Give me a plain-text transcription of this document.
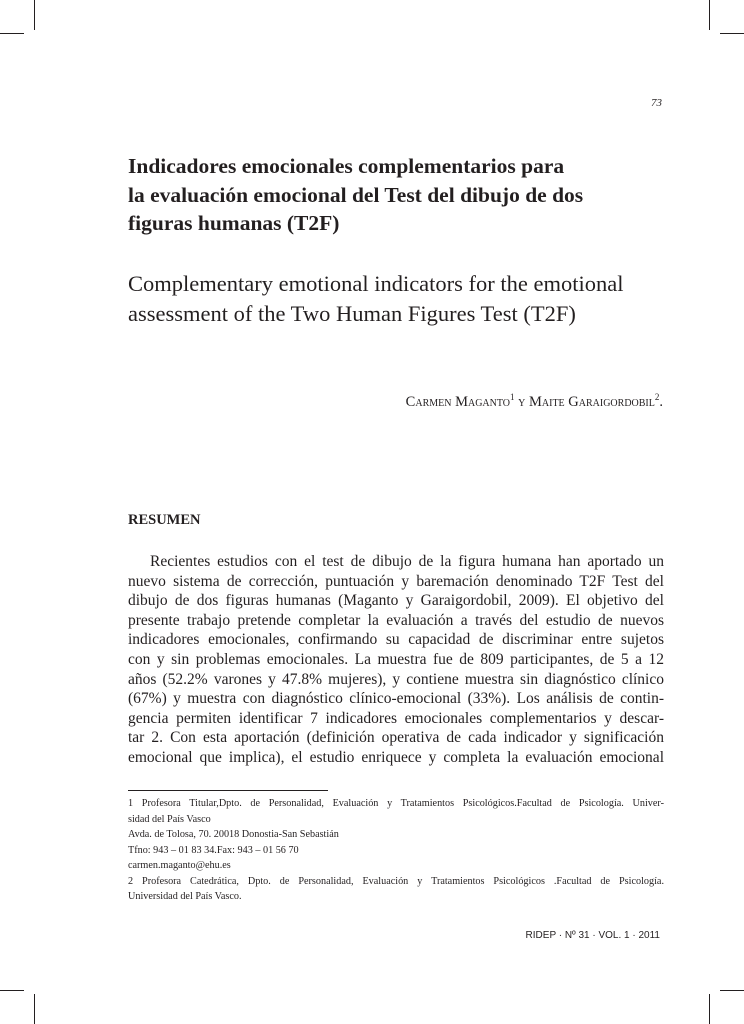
73
Indicadores emocionales complementarios para
la evaluación emocional del Test del dibujo de dos
figuras humanas (T2F)
Complementary emotional indicators for the emotional
assessment of the Two Human Figures Test (T2F)
Carmen Maganto$^1$ y Maite Garaigordobil$^2$.
RESUMEN
Recientes estudios con el test de dibujo de la figura humana han aportado un
nuevo sistema de corrección, puntuación y baremación denominado T2F Test del
dibujo de dos figuras humanas (Maganto y Garaigordobil, 2009). El objetivo del
presente trabajo pretende completar la evaluación a través del estudio de nuevos
indicadores emocionales, confirmando su capacidad de discriminar entre sujetos
con y sin problemas emocionales. La muestra fue de 809 participantes, de 5 a 12
años (52.2% varones y 47.8% mujeres), y contiene muestra sin diagnóstico clínico
(67%) y muestra con diagnóstico clínico-emocional (33%). Los análisis de contin-
gencia permiten identificar 7 indicadores emocionales complementarios y descar-
tar 2. Con esta aportación (definición operativa de cada indicador y significación
emocional que implica), el estudio enriquece y completa la evaluación emocional
1 Profesora Titular,Dpto. de Personalidad, Evaluación y Tratamientos Psicológicos.Facultad de Psicología. Univer-
sidad del País Vasco
Avda. de Tolosa, 70. 20018 Donostia-San Sebastián
Tfno: 943 – 01 83 34.Fax: 943 – 01 56 70
carmen.maganto@ehu.es
2 Profesora Catedrática, Dpto. de Personalidad, Evaluación y Tratamientos Psicológicos .Facultad de Psicología.
Universidad del País Vasco.
RIDEP · Nº 31 · VOL. 1 · 2011
